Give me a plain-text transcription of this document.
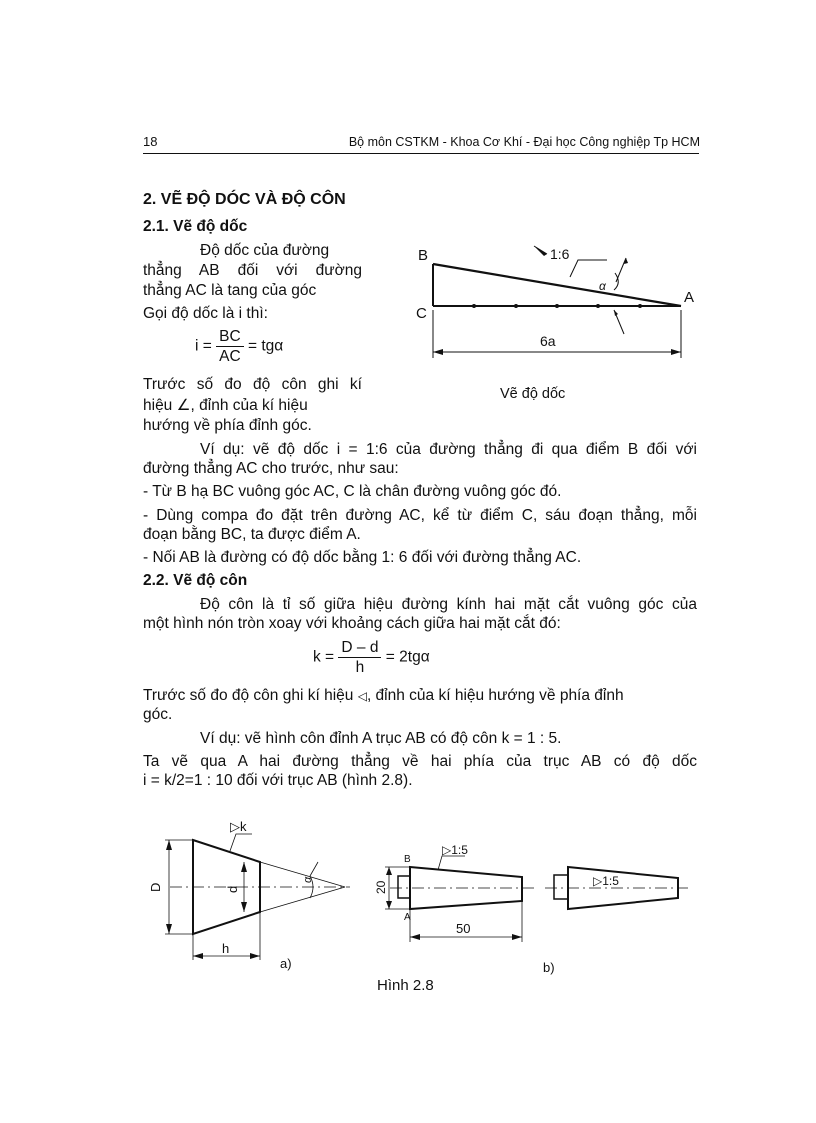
18	Bộ môn CSTKM - Khoa Cơ Khí - Đại học Công nghiệp Tp HCM
2. VẼ ĐỘ DÓC VÀ ĐỘ CÔN
2.1. Vẽ độ dốc
Độ dốc của đường
thẳng AB đối với đường
thẳng AC là tang của góc
Gọi độ dốc là i thì:
$i = \frac{BC}{AC} = tg\alpha$
Trước số đo độ côn ghi kí
hiệu ∠, đỉnh của kí hiệu
hướng về phía đỉnh góc.
B
C
A
1:6
α
6a
Vẽ độ dốc
Ví dụ: vẽ độ dốc i = 1:6 của đường thẳng đi qua điểm B đối với
đường thẳng AC cho trước, như sau:
- Từ B hạ BC vuông góc AC, C là chân đường vuông góc đó.
- Dùng compa đo đặt trên đường AC, kể từ điểm C, sáu đoạn thẳng, mỗi
đoạn bằng BC, ta được điểm A.
- Nối AB là đường có độ dốc bằng 1: 6 đối với đường thẳng AC.
2.2. Vẽ độ côn
Độ côn là tỉ số giữa hiệu đường kính hai mặt cắt vuông góc của
một hình nón tròn xoay với khoảng cách giữa hai mặt cắt đó:
$k = \frac{D - d}{h} = 2tg\alpha$
Trước số đo độ côn ghi kí hiệu ◁, đỉnh của kí hiệu hướng về phía đỉnh
góc.
Ví dụ: vẽ hình côn đỉnh A trục AB có độ côn k = 1 : 5.
Ta vẽ qua A hai đường thẳng về hai phía của trục AB có độ dốc
i = k/2=1 : 10 đối với trục AB (hình 2.8).
▷k
D	d
h
α
a)
B
A
▷1:5
20
50
▷1:5
b)
Hình 2.8
